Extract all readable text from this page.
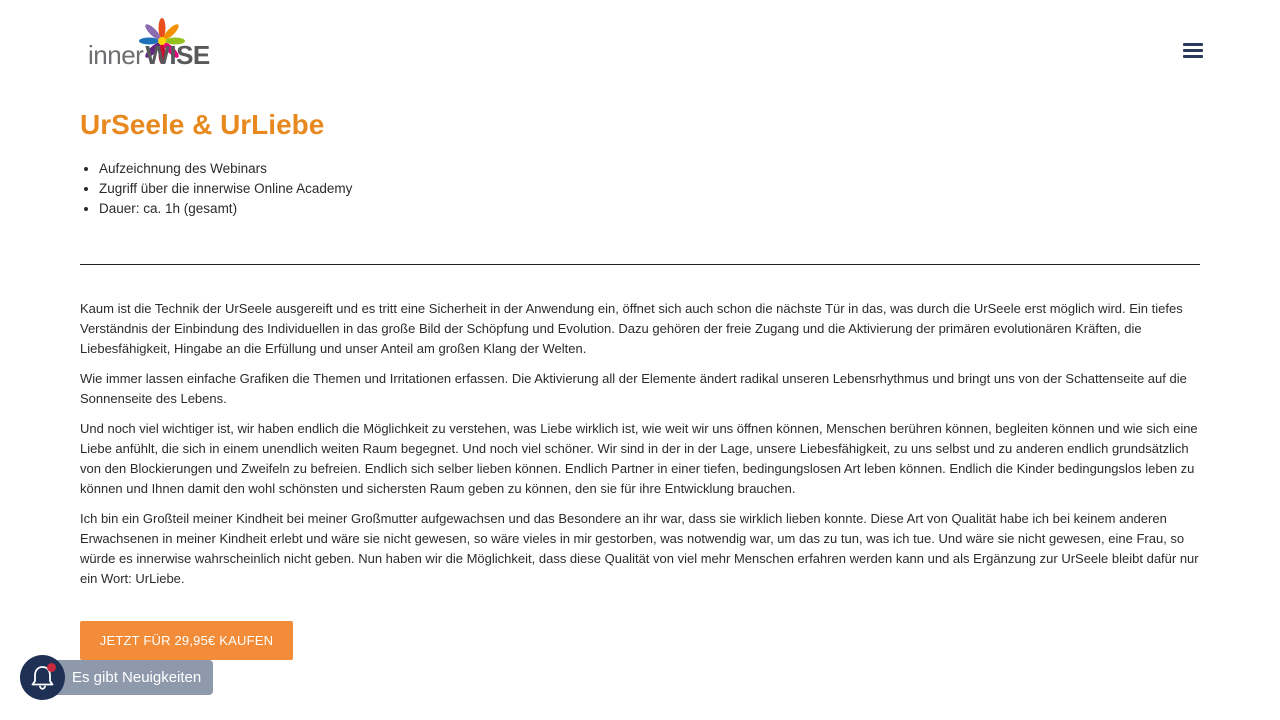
innerWISE
UrSeele & UrLiebe
• Aufzeichnung des Webinars
• Zugriff über die innerwise Online Academy
• Dauer: ca. 1h (gesamt)

Kaum ist die Technik der UrSeele ausgereift und es tritt eine Sicherheit in der Anwendung ein, öffnet sich auch schon die nächste Tür in das, was durch die UrSeele erst möglich wird. Ein tiefes Verständnis der Einbindung des Individuellen in das große Bild der Schöpfung und Evolution. Dazu gehören der freie Zugang und die Aktivierung der primären evolutionären Kräften, die Liebesfähigkeit, Hingabe an die Erfüllung und unser Anteil am großen Klang der Welten.

Wie immer lassen einfache Grafiken die Themen und Irritationen erfassen. Die Aktivierung all der Elemente ändert radikal unseren Lebensrhythmus und bringt uns von der Schattenseite auf die Sonnenseite des Lebens.

Und noch viel wichtiger ist, wir haben endlich die Möglichkeit zu verstehen, was Liebe wirklich ist, wie weit wir uns öffnen können, Menschen berühren können, begleiten können und wie sich eine Liebe anfühlt, die sich in einem unendlich weiten Raum begegnet. Und noch viel schöner. Wir sind in der in der Lage, unsere Liebesfähigkeit, zu uns selbst und zu anderen endlich grundsätzlich von den Blockierungen und Zweifeln zu befreien. Endlich sich selber lieben können. Endlich Partner in einer tiefen, bedingungslosen Art leben können. Endlich die Kinder bedingungslos leben zu können und Ihnen damit den wohl schönsten und sichersten Raum geben zu können, den sie für ihre Entwicklung brauchen.

Ich bin ein Großteil meiner Kindheit bei meiner Großmutter aufgewachsen und das Besondere an ihr war, dass sie wirklich lieben konnte. Diese Art von Qualität habe ich bei keinem anderen Erwachsenen in meiner Kindheit erlebt und wäre sie nicht gewesen, so wäre vieles in mir gestorben, was notwendig war, um das zu tun, was ich tue. Und wäre sie nicht gewesen, eine Frau, so würde es innerwise wahrscheinlich nicht geben. Nun haben wir die Möglichkeit, dass diese Qualität von viel mehr Menschen erfahren werden kann und als Ergänzung zur UrSeele bleibt dafür nur ein Wort: UrLiebe.

JETZT FÜR 29,95€ KAUFEN
Es gibt Neuigkeiten
